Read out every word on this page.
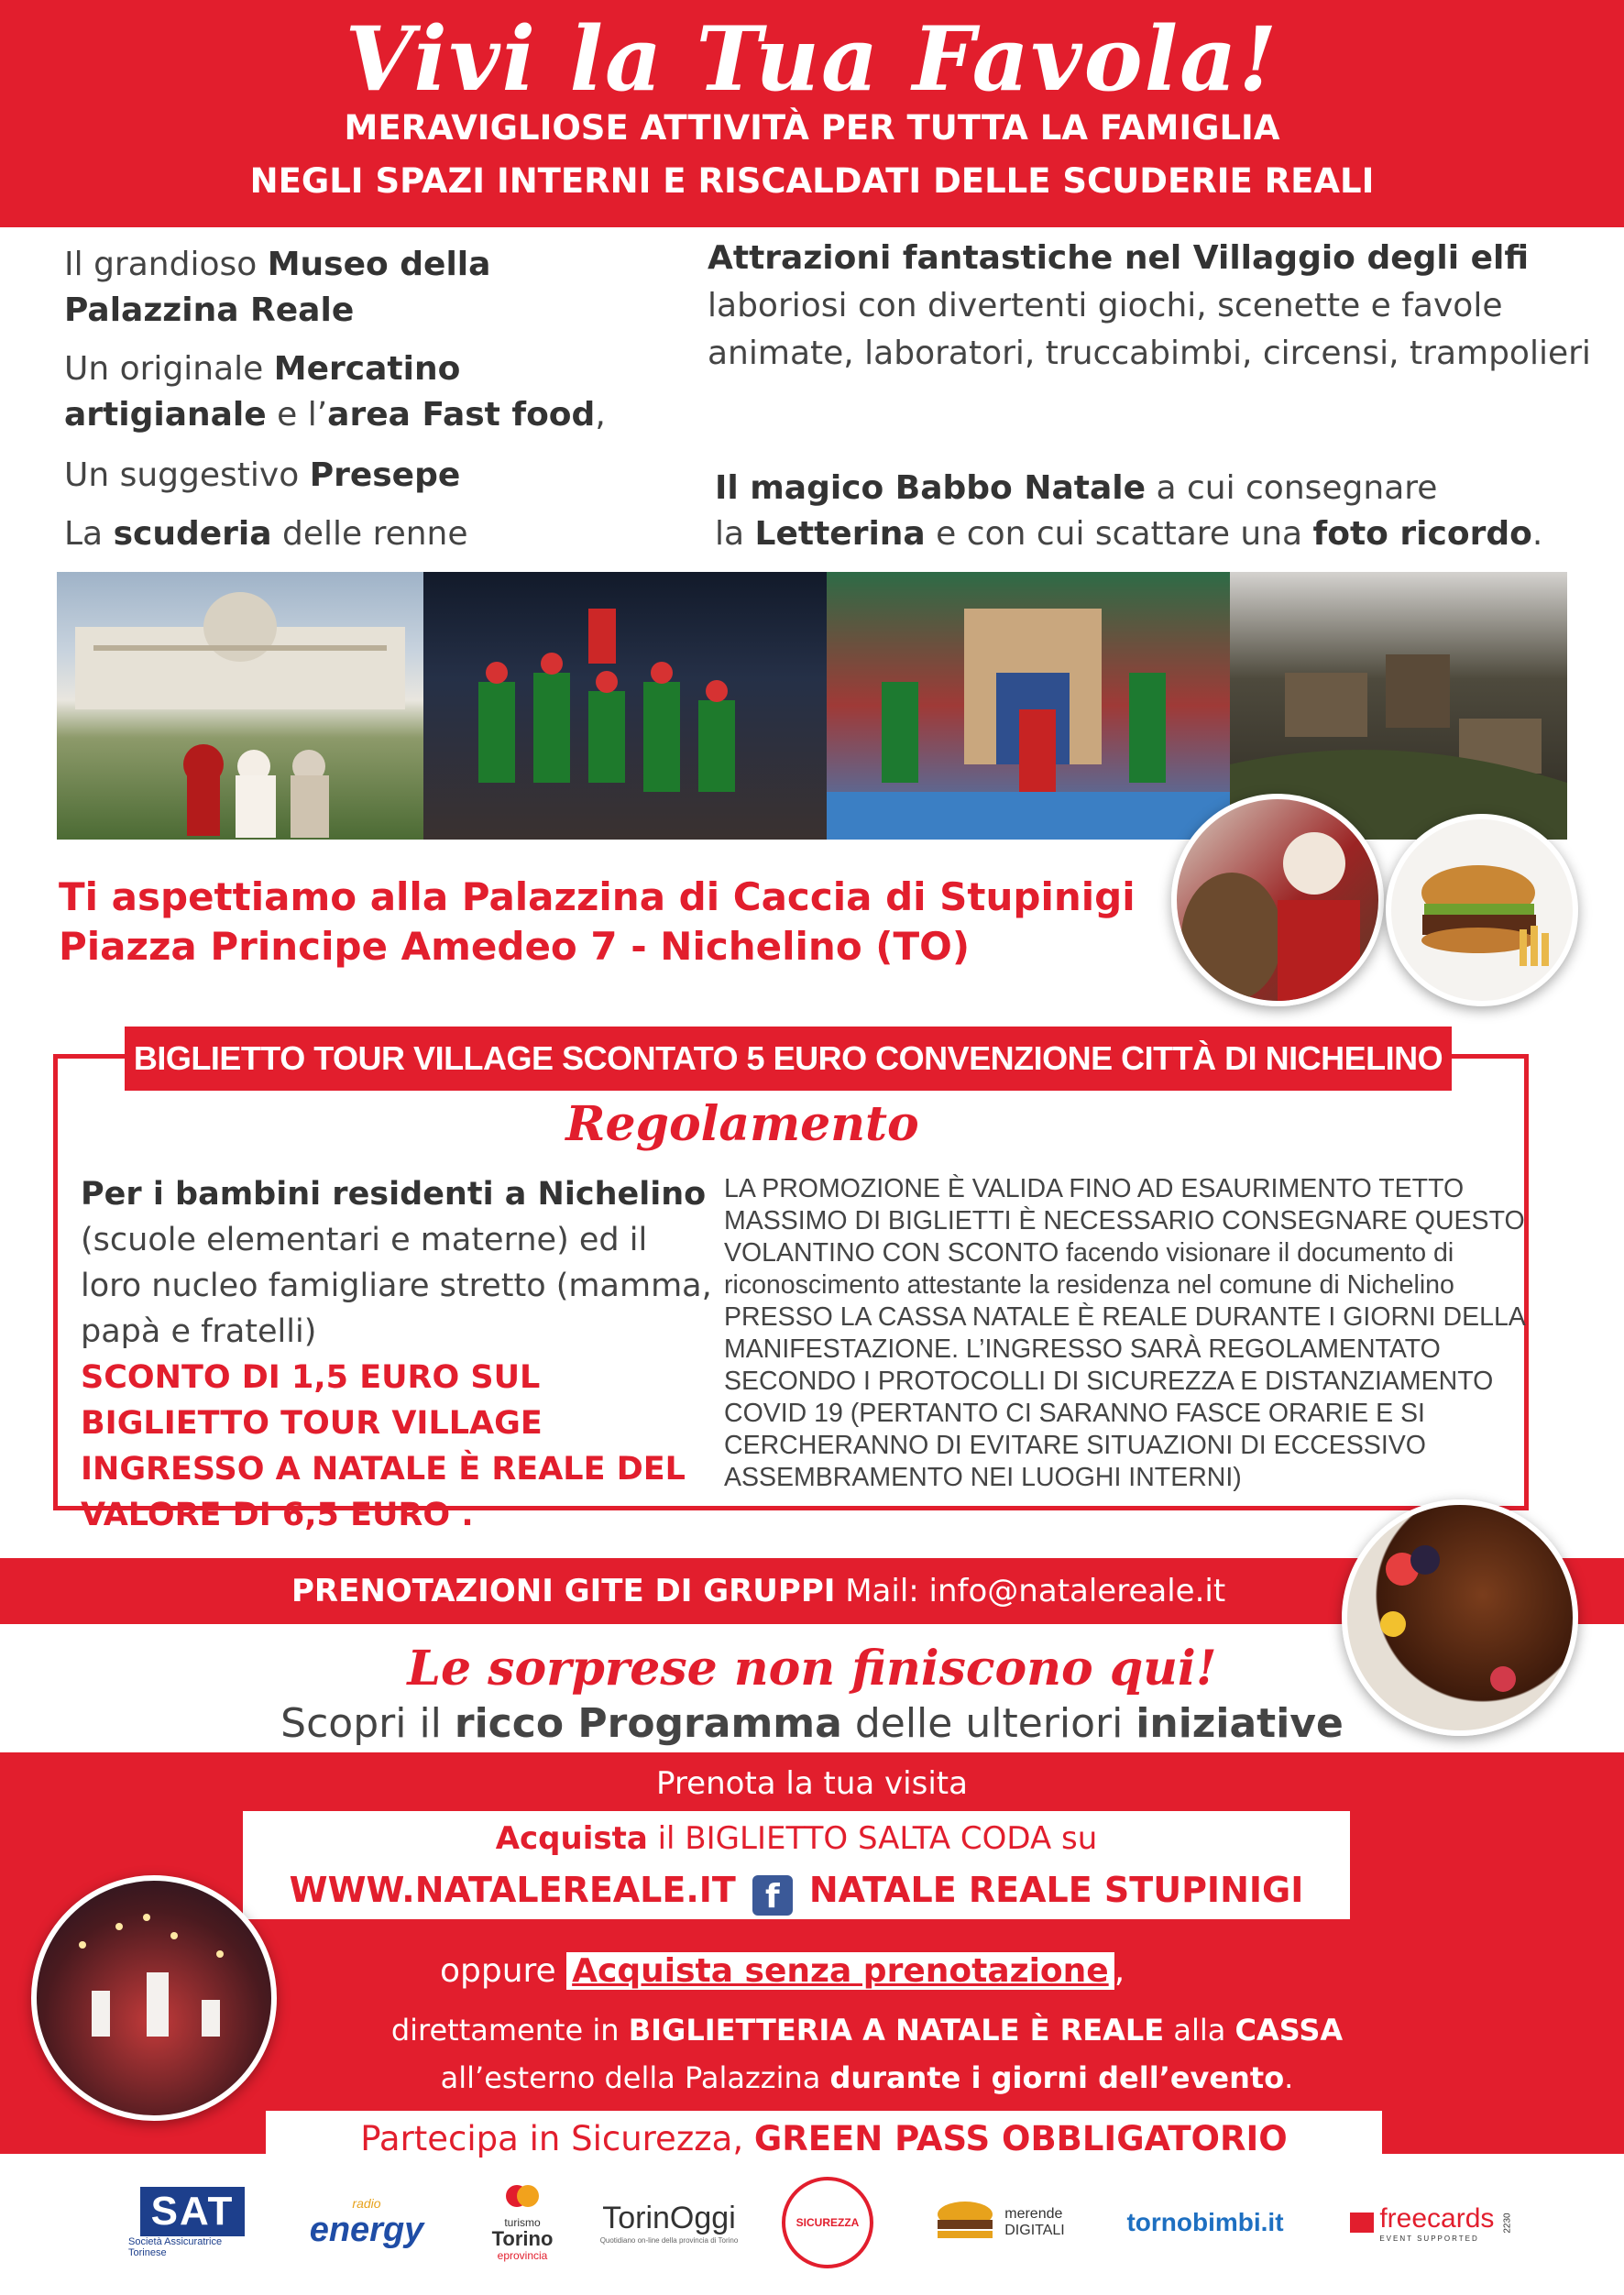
Vivi la Tua Favola!
MERAVIGLIOSE ATTIVITÀ PER TUTTA LA FAMIGLIA
NEGLI SPAZI INTERNI E RISCALDATI DELLE SCUDERIE REALI
Il grandioso Museo della Palazzina Reale
Un originale Mercatino artigianale e l’area Fast food,
Un suggestivo Presepe
La scuderia delle renne
Attrazioni fantastiche nel Villaggio degli elfi
laboriosi con divertenti giochi, scenette e favole
animate, laboratori, truccabimbi, circensi, trampolieri
Il magico Babbo Natale a cui consegnare
la Letterina e con cui scattare una foto ricordo.
Ti aspettiamo alla Palazzina di Caccia di Stupinigi
Piazza Principe Amedeo 7 - Nichelino (TO)
BIGLIETTO TOUR VILLAGE SCONTATO 5 EURO CONVENZIONE CITTÀ DI NICHELINO
Regolamento
Per i bambini residenti a Nichelino
(scuole elementari e materne) ed il loro nucleo famigliare stretto (mamma, papà e fratelli)
SCONTO DI 1,5 EURO SUL BIGLIETTO TOUR VILLAGE INGRESSO A NATALE È REALE DEL VALORE DI 6,5 EURO .
LA PROMOZIONE È VALIDA FINO AD ESAURIMENTO TETTO MASSIMO DI BIGLIETTI È NECESSARIO CONSEGNARE QUESTO VOLANTINO CON SCONTO facendo visionare il documento di riconoscimento attestante la residenza nel comune di Nichelino PRESSO LA CASSA NATALE È REALE DURANTE I GIORNI DELLA MANIFESTAZIONE. L’INGRESSO SARÀ REGOLAMENTATO SECONDO I PROTOCOLLI DI SICUREZZA E DISTANZIAMENTO COVID 19 (PERTANTO CI SARANNO FASCE ORARIE E SI CERCHERANNO DI EVITARE SITUAZIONI DI ECCESSIVO ASSEMBRAMENTO NEI LUOGHI INTERNI)
PRENOTAZIONI GITE DI GRUPPI Mail: info@natalereale.it
Le sorprese non finiscono qui!
Scopri il ricco Programma delle ulteriori iniziative
Prenota la tua visita
Acquista il BIGLIETTO SALTA CODA su
WWW.NATALEREALE.IT f NATALE REALE STUPINIGI
oppure Acquista senza prenotazione ,
direttamente in BIGLIETTERIA A NATALE È REALE alla CASSA
all’esterno della Palazzina durante i giorni dell’evento.
Partecipa in Sicurezza, GREEN PASS OBBLIGATORIO
SAT
Società Assicuratrice Torinese
radio
energy	turismo
Torino
eprovincia
TorinOggi
Quotidiano on-line della provincia di Torino
SICUREZZA
merende
DIGITALI tornobimbi.it	freecards
EVENT SUPPORTED
2230
